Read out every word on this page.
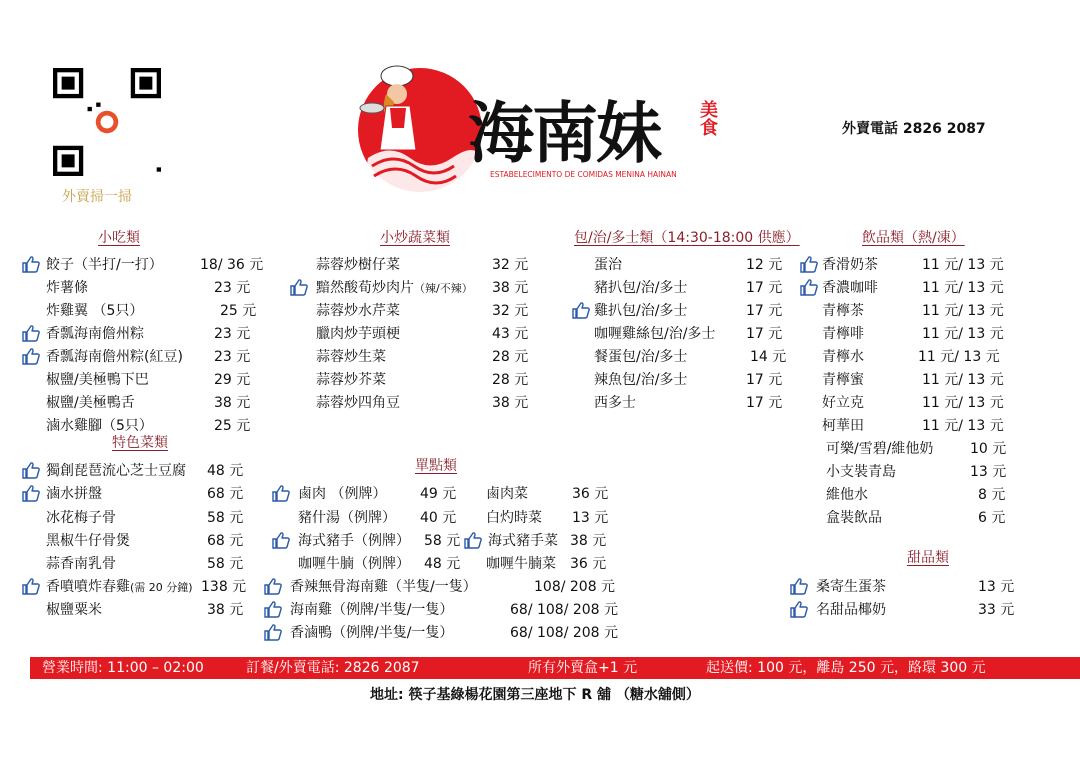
外賣掃一掃
海南妹 美食
ESTABELECIMENTO DE COMIDAS MENINA HAINAN
外賣電話 2826 2087
小吃類
餃子（半打/一打）	18/ 36 元
炸薯條	23 元
炸雞翼 （5只）	25 元
香瓢海南儋州粽	23 元
香瓢海南儋州粽(紅豆) 23 元
椒鹽/美極鴨下巴	29 元
椒鹽/美極鴨舌	38 元
滷水雞腳（5只）	25 元
特色菜類
獨創琵琶流心芝士豆腐 48 元
滷水拼盤	68 元
冰花梅子骨	58 元
黑椒牛仔骨煲	68 元
蒜香南乳骨	58 元
香噴噴炸春雞(需 20 分鐘) 138 元
椒鹽粟米	38 元
小炒蔬菜類
蒜蓉炒樹仔菜	32 元
黯然酸荀炒肉片（辣/不辣） 38 元
蒜蓉炒水芹菜	32 元
臘肉炒芋頭梗	43 元
蒜蓉炒生菜	28 元
蒜蓉炒芥菜	28 元
蒜蓉炒四角豆	38 元
包/治/多士類（14:30-18:00 供應）
蛋治	12 元
豬扒包/治/多士	17 元
雞扒包/治/多士	17 元
咖喱雞絲包/治/多士 17 元
餐蛋包/治/多士	14 元
辣魚包/治/多士	17 元
西多士	17 元
飲品類（熱/凍）
香滑奶茶	11 元/ 13 元
香濃咖啡	11 元/ 13 元
青檸茶	11 元/ 13 元
青檸啡	11 元/ 13 元
青檸水	11 元/ 13 元
青檸蜜	11 元/ 13 元
好立克	11 元/ 13 元
柯華田	11 元/ 13 元
可樂/雪碧/維他奶	10 元
小支裝青島	13 元
維他水	8 元
盒裝飲品	6 元
單點類
甜品類
桑寄生蛋茶	13 元
名甜品椰奶	33 元
鹵肉 （例牌） 49 元
豬什湯（例牌） 40 元
海式豬手（例牌） 58 元
咖喱牛腩（例牌） 48 元
鹵肉菜	36 元
白灼時菜 13 元
海式豬手菜 38 元
咖喱牛腩菜 36 元
香辣無骨海南雞（半隻/一隻）	108/ 208 元
海南雞（例牌/半隻/一隻）	68/ 108/ 208 元
香滷鴨（例牌/半隻/一隻）	68/ 108/ 208 元
營業時間: 11:00 – 02:00	訂餐/外賣電話: 2826 2087	所有外賣盒+1 元	起送價: 100 元，離島 250 元，路環 300 元
地址: 筷子基綠楊花園第三座地下 R 舖 （糖水舖側）
